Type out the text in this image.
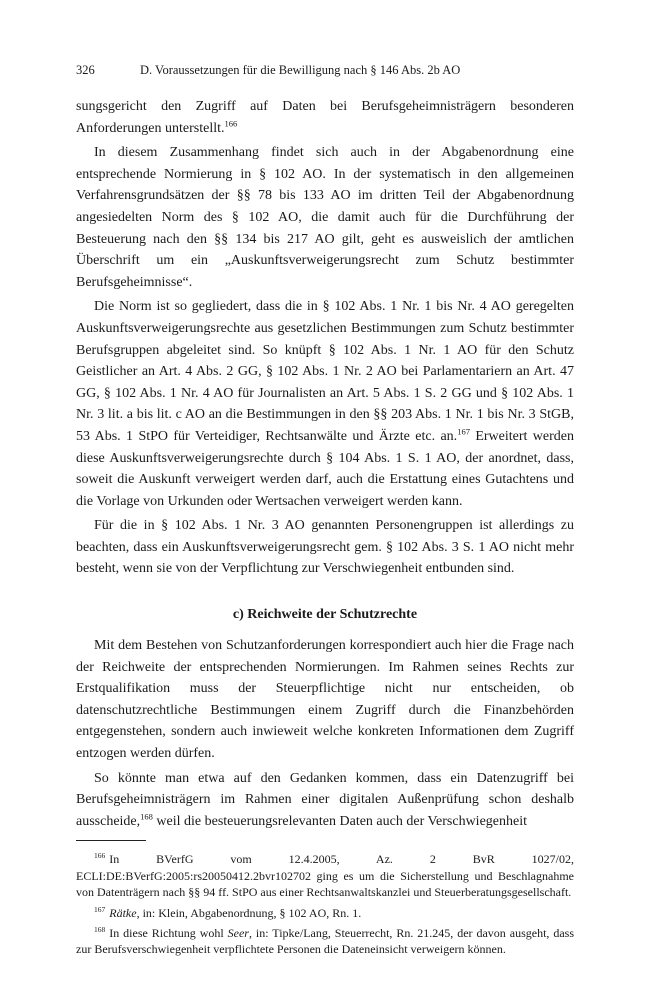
326	D. Voraussetzungen für die Bewilligung nach § 146 Abs. 2b AO

sungsgericht den Zugriff auf Daten bei Berufsgeheimnisträgern besonderen Anforderungen unterstellt.$^{166}$

In diesem Zusammenhang findet sich auch in der Abgabenordnung eine entsprechende Normierung in § 102 AO. In der systematisch in den allgemeinen Verfahrensgrundsätzen der §§ 78 bis 133 AO im dritten Teil der Abgabenordnung angesiedelten Norm des § 102 AO, die damit auch für die Durchführung der Besteuerung nach den §§ 134 bis 217 AO gilt, geht es ausweislich der amtlichen Überschrift um ein „Auskunftsverweigerungsrecht zum Schutz bestimmter Berufsgeheimnisse“.

Die Norm ist so gegliedert, dass die in § 102 Abs. 1 Nr. 1 bis Nr. 4 AO geregelten Auskunftsverweigerungsrechte aus gesetzlichen Bestimmungen zum Schutz bestimmter Berufsgruppen abgeleitet sind. So knüpft § 102 Abs. 1 Nr. 1 AO für den Schutz Geistlicher an Art. 4 Abs. 2 GG, § 102 Abs. 1 Nr. 2 AO bei Parlamentariern an Art. 47 GG, § 102 Abs. 1 Nr. 4 AO für Journalisten an Art. 5 Abs. 1 S. 2 GG und § 102 Abs. 1 Nr. 3 lit. a bis lit. c AO an die Bestimmungen in den §§ 203 Abs. 1 Nr. 1 bis Nr. 3 StGB, 53 Abs. 1 StPO für Verteidiger, Rechtsanwälte und Ärzte etc. an.$^{167}$ Erweitert werden diese Auskunftsverweigerungsrechte durch § 104 Abs. 1 S. 1 AO, der anordnet, dass, soweit die Auskunft verweigert werden darf, auch die Erstattung eines Gutachtens und die Vorlage von Urkunden oder Wertsachen verweigert werden kann.

Für die in § 102 Abs. 1 Nr. 3 AO genannten Personengruppen ist allerdings zu beachten, dass ein Auskunftsverweigerungsrecht gem. § 102 Abs. 3 S. 1 AO nicht mehr besteht, wenn sie von der Verpflichtung zur Verschwiegenheit entbunden sind.

c) Reichweite der Schutzrechte

Mit dem Bestehen von Schutzanforderungen korrespondiert auch hier die Frage nach der Reichweite der entsprechenden Normierungen. Im Rahmen seines Rechts zur Erstqualifikation muss der Steuerpflichtige nicht nur entscheiden, ob datenschutzrechtliche Bestimmungen einem Zugriff durch die Finanzbehörden entgegenstehen, sondern auch inwieweit welche konkreten Informationen dem Zugriff entzogen werden dürfen.

So könnte man etwa auf den Gedanken kommen, dass ein Datenzugriff bei Berufsgeheimnisträgern im Rahmen einer digitalen Außenprüfung schon deshalb ausscheide,$^{168}$ weil die besteuerungsrelevanten Daten auch der Verschwiegenheit

$^{166}$ In BVerfG vom 12.4.2005, Az. 2 BvR 1027/02, ECLI:DE:BVerfG:2005:rs20050412.2bvr102702 ging es um die Sicherstellung und Beschlagnahme von Datenträgern nach §§ 94 ff. StPO aus einer Rechtsanwaltskanzlei und Steuerberatungsgesellschaft.

$^{167}$ Rätke, in: Klein, Abgabenordnung, § 102 AO, Rn. 1.

$^{168}$ In diese Richtung wohl Seer, in: Tipke/Lang, Steuerrecht, Rn. 21.245, der davon ausgeht, dass zur Berufsverschwiegenheit verpflichtete Personen die Dateneinsicht verweigern können.
